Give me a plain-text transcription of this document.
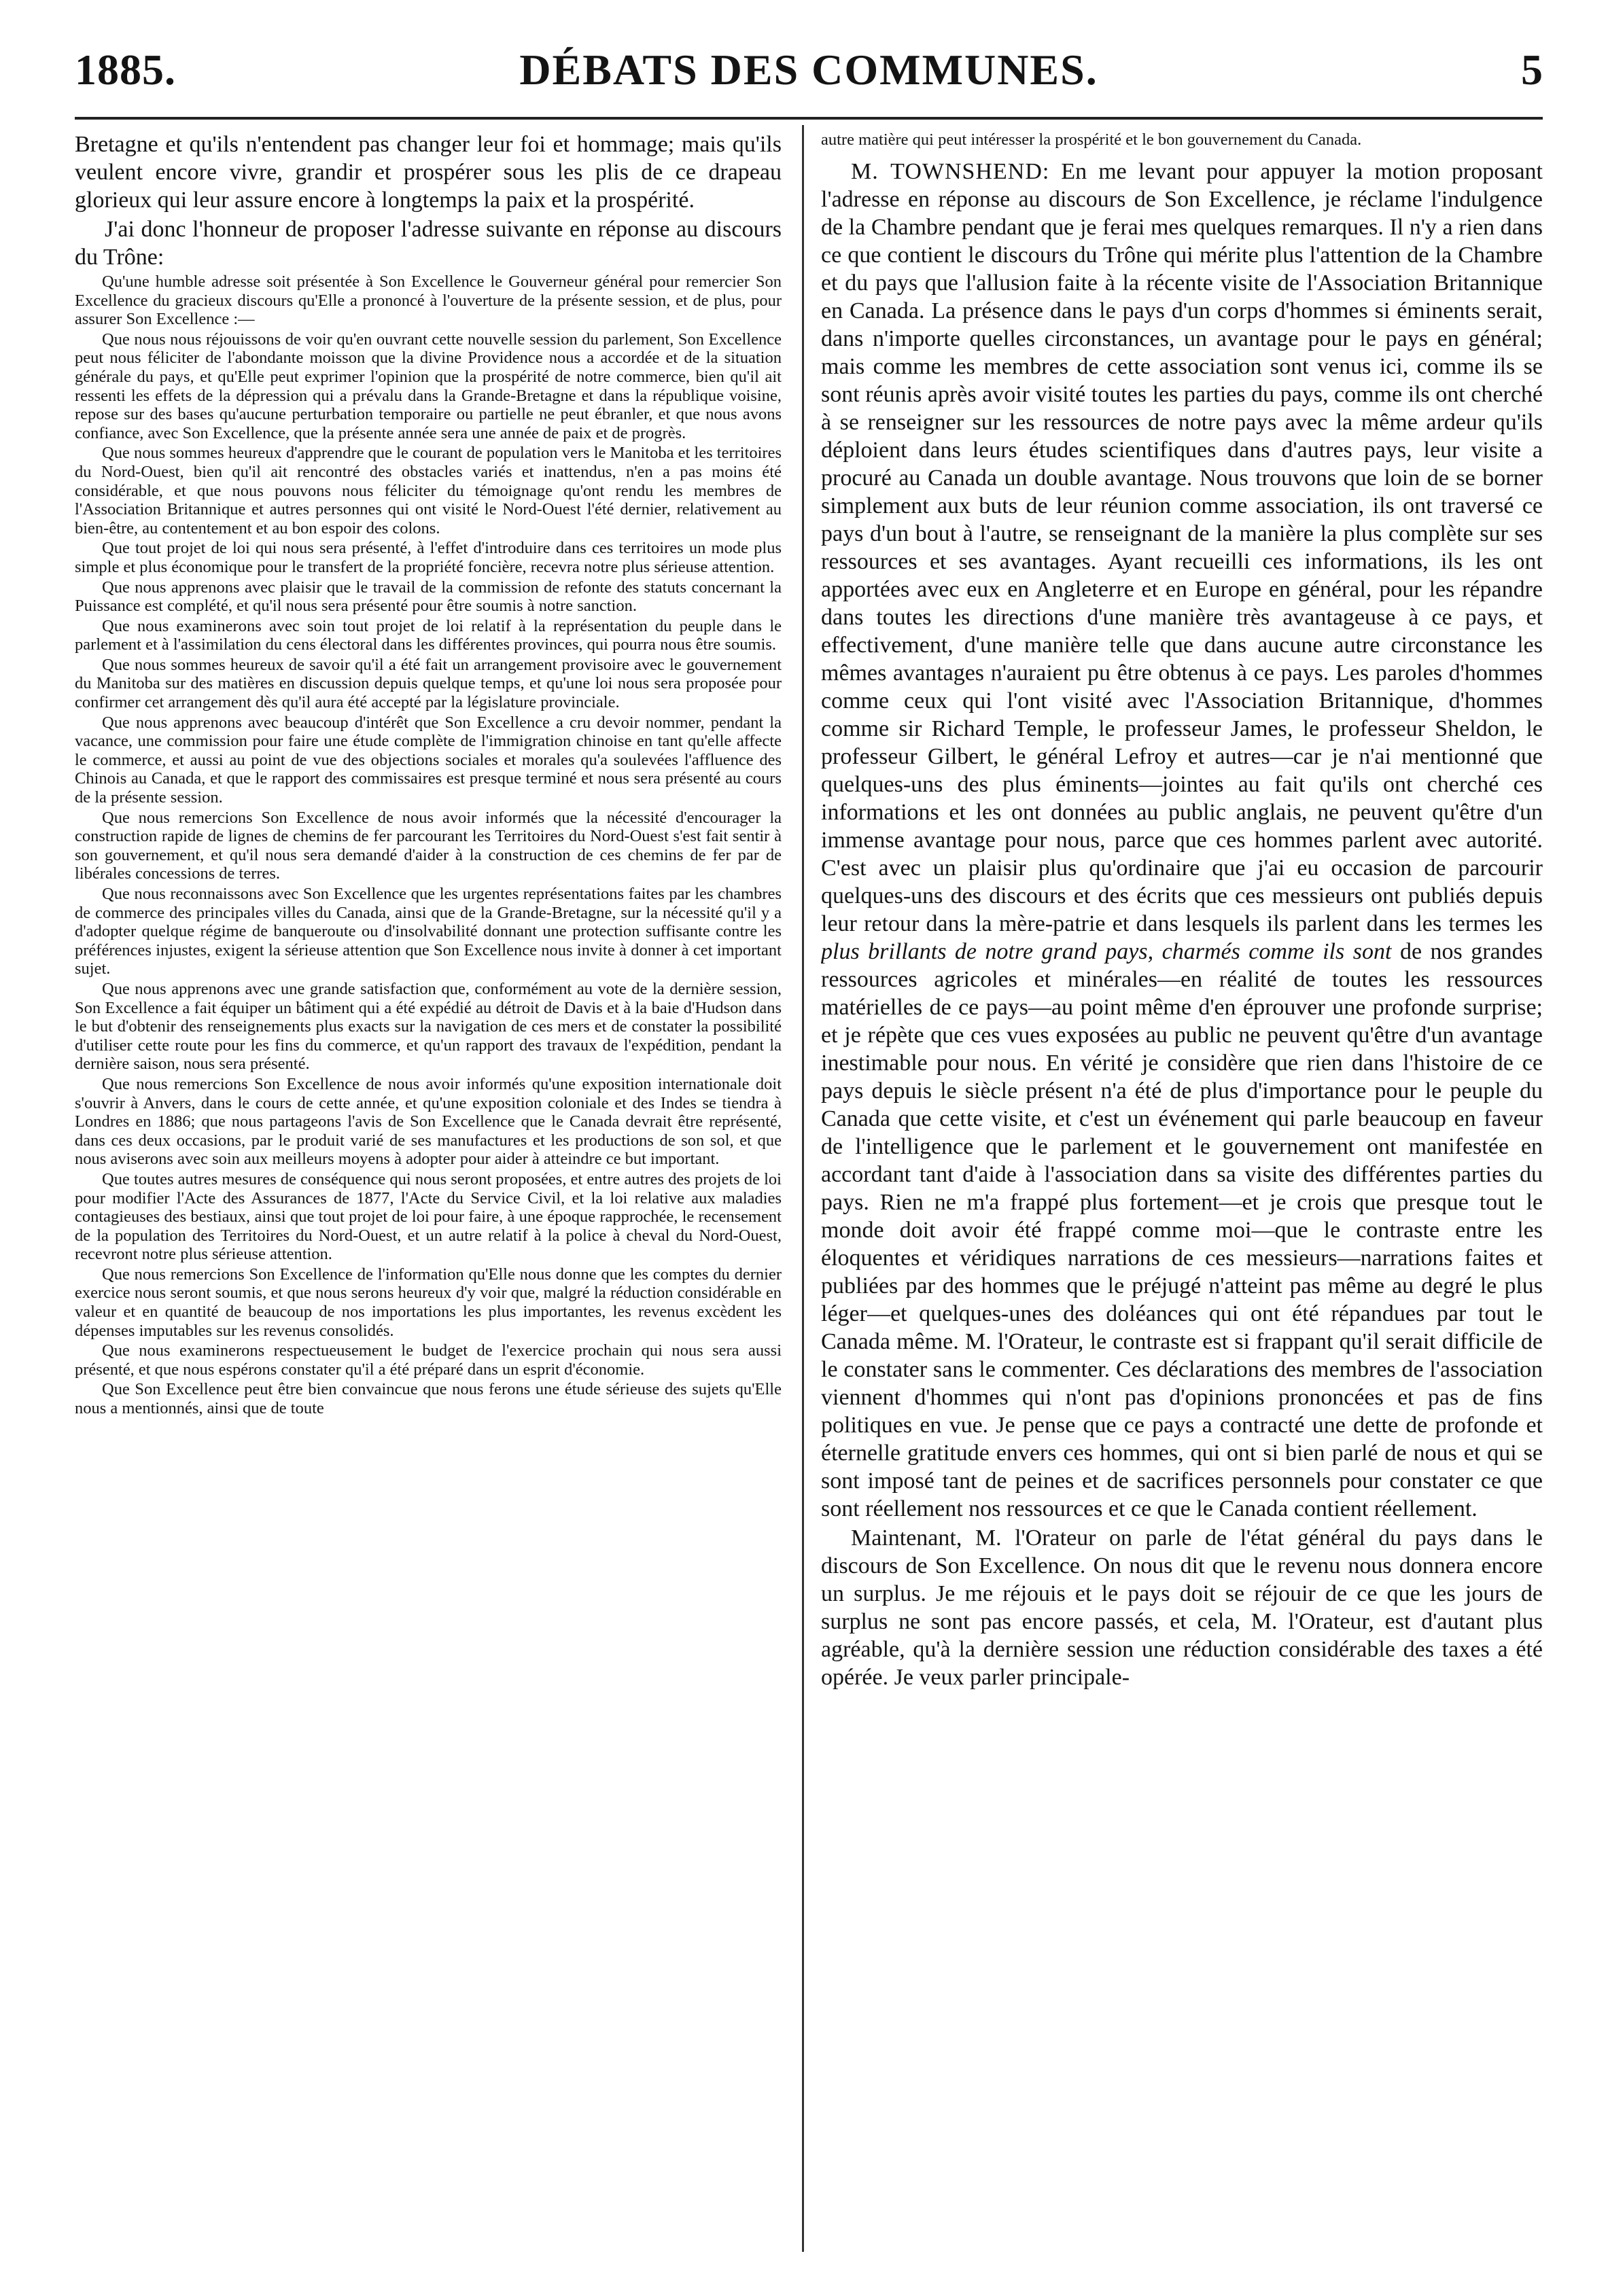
1885.	DÉBATS DES COMMUNES.	5

Bretagne et qu'ils n'entendent pas changer leur foi et hommage; mais qu'ils veulent encore vivre, grandir et prospérer sous les plis de ce drapeau glorieux qui leur assure encore à longtemps la paix et la prospérité.

J'ai donc l'honneur de proposer l'adresse suivante en réponse au discours du Trône:

Qu'une humble adresse soit présentée à Son Excellence le Gouverneur général pour remercier Son Excellence du gracieux discours qu'Elle a prononcé à l'ouverture de la présente session, et de plus, pour assurer Son Excellence :—

Que nous nous réjouissons de voir qu'en ouvrant cette nouvelle session du parlement, Son Excellence peut nous féliciter de l'abondante moisson que la divine Providence nous a accordée et de la situation générale du pays, et qu'Elle peut exprimer l'opinion que la prospérité de notre commerce, bien qu'il ait ressenti les effets de la dépression qui a prévalu dans la Grande-Bretagne et dans la république voisine, repose sur des bases qu'aucune perturbation temporaire ou partielle ne peut ébranler, et que nous avons confiance, avec Son Excellence, que la présente année sera une année de paix et de progrès.

Que nous sommes heureux d'apprendre que le courant de population vers le Manitoba et les territoires du Nord-Ouest, bien qu'il ait rencontré des obstacles variés et inattendus, n'en a pas moins été considérable, et que nous pouvons nous féliciter du témoignage qu'ont rendu les membres de l'Association Britannique et autres personnes qui ont visité le Nord-Ouest l'été dernier, relativement au bien-être, au contentement et au bon espoir des colons.

Que tout projet de loi qui nous sera présenté, à l'effet d'introduire dans ces territoires un mode plus simple et plus économique pour le transfert de la propriété foncière, recevra notre plus sérieuse attention.

Que nous apprenons avec plaisir que le travail de la commission de refonte des statuts concernant la Puissance est complété, et qu'il nous sera présenté pour être soumis à notre sanction.

Que nous examinerons avec soin tout projet de loi relatif à la représentation du peuple dans le parlement et à l'assimilation du cens électoral dans les différentes provinces, qui pourra nous être soumis.

Que nous sommes heureux de savoir qu'il a été fait un arrangement provisoire avec le gouvernement du Manitoba sur des matières en discussion depuis quelque temps, et qu'une loi nous sera proposée pour confirmer cet arrangement dès qu'il aura été accepté par la législature provinciale.

Que nous apprenons avec beaucoup d'intérêt que Son Excellence a cru devoir nommer, pendant la vacance, une commission pour faire une étude complète de l'immigration chinoise en tant qu'elle affecte le commerce, et aussi au point de vue des objections sociales et morales qu'a soulevées l'affluence des Chinois au Canada, et que le rapport des commissaires est presque terminé et nous sera présenté au cours de la présente session.

Que nous remercions Son Excellence de nous avoir informés que la nécessité d'encourager la construction rapide de lignes de chemins de fer parcourant les Territoires du Nord-Ouest s'est fait sentir à son gouvernement, et qu'il nous sera demandé d'aider à la construction de ces chemins de fer par de libérales concessions de terres.

Que nous reconnaissons avec Son Excellence que les urgentes représentations faites par les chambres de commerce des principales villes du Canada, ainsi que de la Grande-Bretagne, sur la nécessité qu'il y a d'adopter quelque régime de banqueroute ou d'insolvabilité donnant une protection suffisante contre les préférences injustes, exigent la sérieuse attention que Son Excellence nous invite à donner à cet important sujet.

Que nous apprenons avec une grande satisfaction que, conformément au vote de la dernière session, Son Excellence a fait équiper un bâtiment qui a été expédié au détroit de Davis et à la baie d'Hudson dans le but d'obtenir des renseignements plus exacts sur la navigation de ces mers et de constater la possibilité d'utiliser cette route pour les fins du commerce, et qu'un rapport des travaux de l'expédition, pendant la dernière saison, nous sera présenté.

Que nous remercions Son Excellence de nous avoir informés qu'une exposition internationale doit s'ouvrir à Anvers, dans le cours de cette année, et qu'une exposition coloniale et des Indes se tiendra à Londres en 1886; que nous partageons l'avis de Son Excellence que le Canada devrait être représenté, dans ces deux occasions, par le produit varié de ses manufactures et les productions de son sol, et que nous aviserons avec soin aux meilleurs moyens à adopter pour aider à atteindre ce but important.

Que toutes autres mesures de conséquence qui nous seront proposées, et entre autres des projets de loi pour modifier l'Acte des Assurances de 1877, l'Acte du Service Civil, et la loi relative aux maladies contagieuses des bestiaux, ainsi que tout projet de loi pour faire, à une époque rapprochée, le recensement de la population des Territoires du Nord-Ouest, et un autre relatif à la police à cheval du Nord-Ouest, recevront notre plus sérieuse attention.

Que nous remercions Son Excellence de l'information qu'Elle nous donne que les comptes du dernier exercice nous seront soumis, et que nous serons heureux d'y voir que, malgré la réduction considérable en valeur et en quantité de beaucoup de nos importations les plus importantes, les revenus excèdent les dépenses imputables sur les revenus consolidés.

Que nous examinerons respectueusement le budget de l'exercice prochain qui nous sera aussi présenté, et que nous espérons constater qu'il a été préparé dans un esprit d'économie.

Que Son Excellence peut être bien convaincue que nous ferons une étude sérieuse des sujets qu'Elle nous a mentionnés, ainsi que de toute

autre matière qui peut intéresser la prospérité et le bon gouvernement du Canada.

M. TOWNSHEND: En me levant pour appuyer la motion proposant l'adresse en réponse au discours de Son Excellence, je réclame l'indulgence de la Chambre pendant que je ferai mes quelques remarques. Il n'y a rien dans ce que contient le discours du Trône qui mérite plus l'attention de la Chambre et du pays que l'allusion faite à la récente visite de l'Association Britannique en Canada. La présence dans le pays d'un corps d'hommes si éminents serait, dans n'importe quelles circonstances, un avantage pour le pays en général; mais comme les membres de cette association sont venus ici, comme ils se sont réunis après avoir visité toutes les parties du pays, comme ils ont cherché à se renseigner sur les ressources de notre pays avec la même ardeur qu'ils déploient dans leurs études scientifiques dans d'autres pays, leur visite a procuré au Canada un double avantage. Nous trouvons que loin de se borner simplement aux buts de leur réunion comme association, ils ont traversé ce pays d'un bout à l'autre, se renseignant de la manière la plus complète sur ses ressources et ses avantages. Ayant recueilli ces informations, ils les ont apportées avec eux en Angleterre et en Europe en général, pour les répandre dans toutes les directions d'une manière très avantageuse à ce pays, et effectivement, d'une manière telle que dans aucune autre circonstance les mêmes avantages n'auraient pu être obtenus à ce pays. Les paroles d'hommes comme ceux qui l'ont visité avec l'Association Britannique, d'hommes comme sir Richard Temple, le professeur James, le professeur Sheldon, le professeur Gilbert, le général Lefroy et autres—car je n'ai mentionné que quelques-uns des plus éminents—jointes au fait qu'ils ont cherché ces informations et les ont données au public anglais, ne peuvent qu'être d'un immense avantage pour nous, parce que ces hommes parlent avec autorité. C'est avec un plaisir plus qu'ordinaire que j'ai eu occasion de parcourir quelques-uns des discours et des écrits que ces messieurs ont publiés depuis leur retour dans la mère-patrie et dans lesquels ils parlent dans les termes les plus brillants de notre grand pays, charmés comme ils sont de nos grandes ressources agricoles et minérales—en réalité de toutes les ressources matérielles de ce pays—au point même d'en éprouver une profonde surprise; et je répète que ces vues exposées au public ne peuvent qu'être d'un avantage inestimable pour nous. En vérité je considère que rien dans l'histoire de ce pays depuis le siècle présent n'a été de plus d'importance pour le peuple du Canada que cette visite, et c'est un événement qui parle beaucoup en faveur de l'intelligence que le parlement et le gouvernement ont manifestée en accordant tant d'aide à l'association dans sa visite des différentes parties du pays. Rien ne m'a frappé plus fortement—et je crois que presque tout le monde doit avoir été frappé comme moi—que le contraste entre les éloquentes et véridiques narrations de ces messieurs—narrations faites et publiées par des hommes que le préjugé n'atteint pas même au degré le plus léger—et quelques-unes des doléances qui ont été répandues par tout le Canada même. M. l'Orateur, le contraste est si frappant qu'il serait difficile de le constater sans le commenter. Ces déclarations des membres de l'association viennent d'hommes qui n'ont pas d'opinions prononcées et pas de fins politiques en vue. Je pense que ce pays a contracté une dette de profonde et éternelle gratitude envers ces hommes, qui ont si bien parlé de nous et qui se sont imposé tant de peines et de sacrifices personnels pour constater ce que sont réellement nos ressources et ce que le Canada contient réellement.

Maintenant, M. l'Orateur on parle de l'état général du pays dans le discours de Son Excellence. On nous dit que le revenu nous donnera encore un surplus. Je me réjouis et le pays doit se réjouir de ce que les jours de surplus ne sont pas encore passés, et cela, M. l'Orateur, est d'autant plus agréable, qu'à la dernière session une réduction considérable des taxes a été opérée. Je veux parler principale-
